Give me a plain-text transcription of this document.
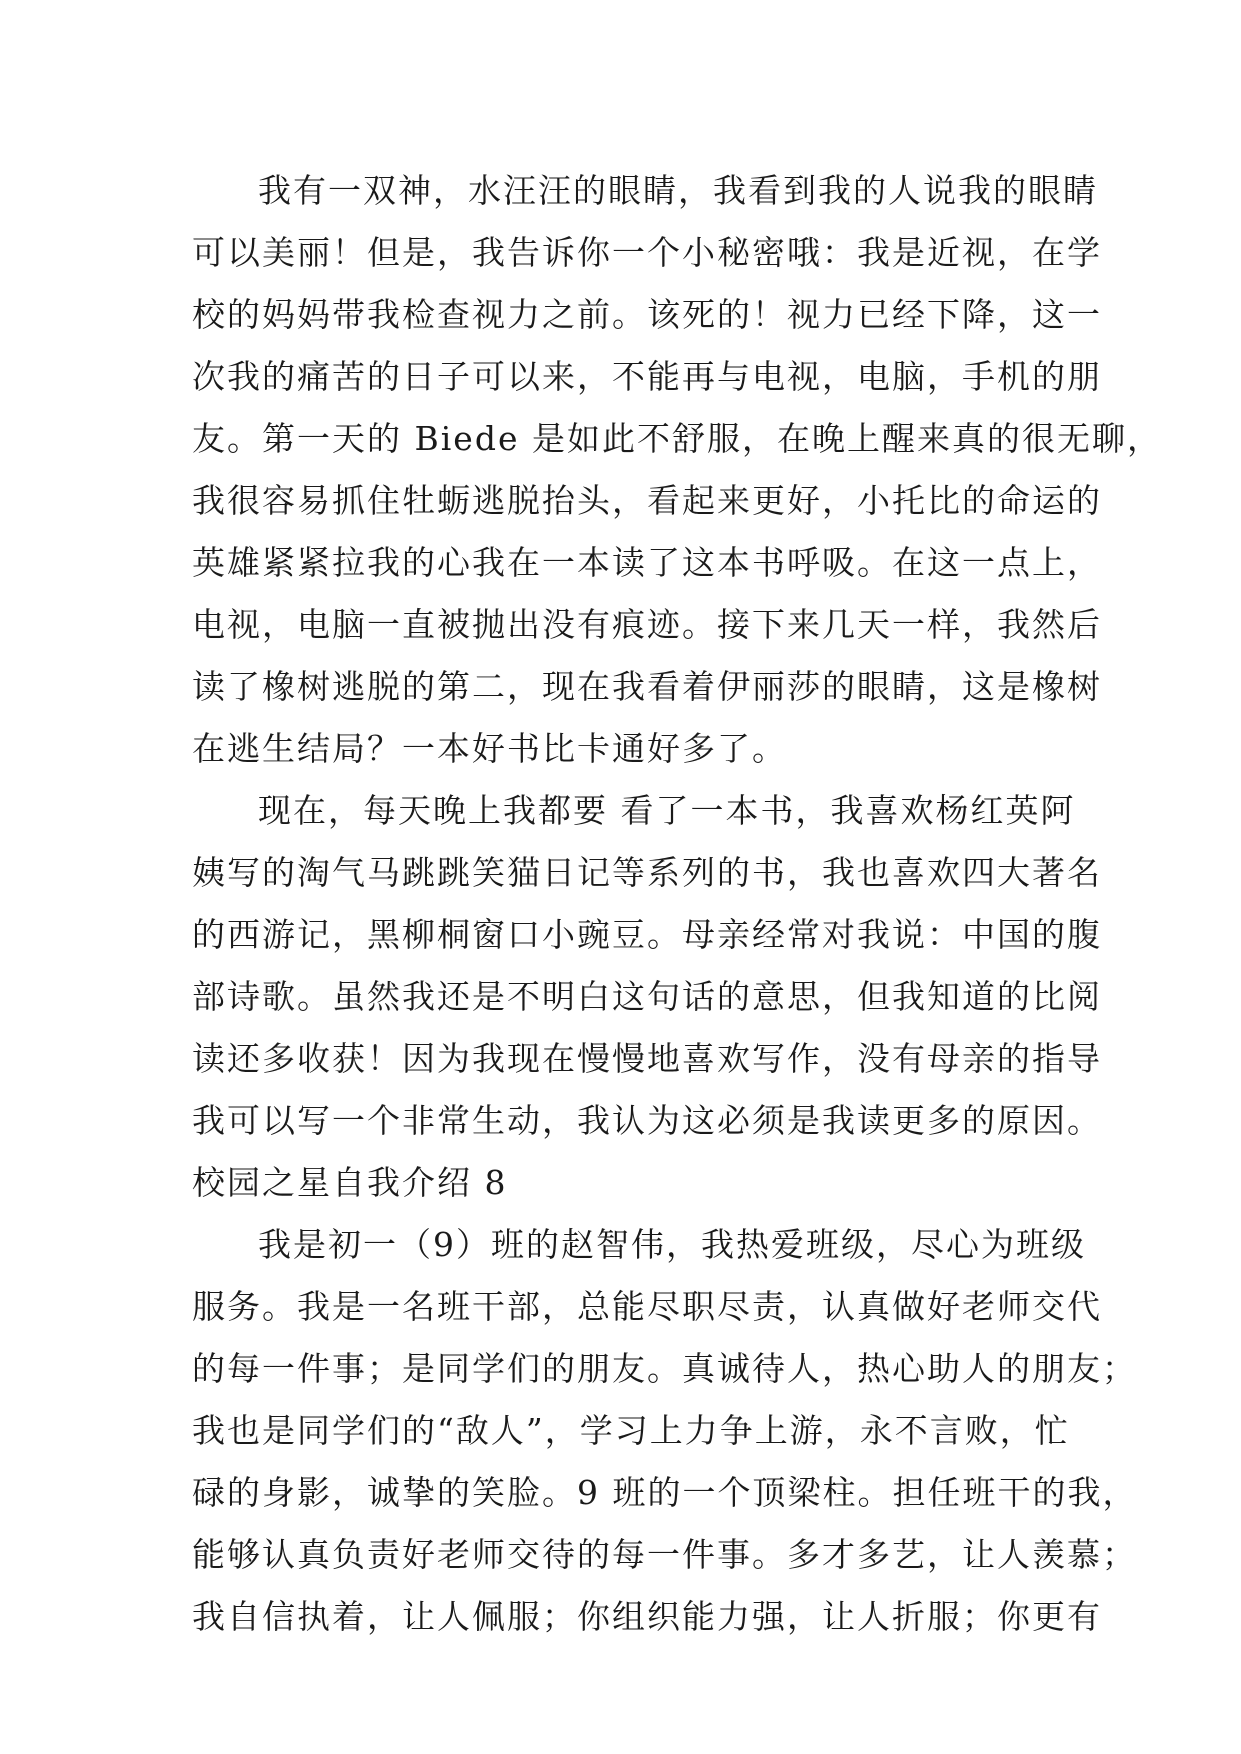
我有一双神，水汪汪的眼睛，我看到我的人说我的眼睛
可以美丽！但是，我告诉你一个小秘密哦：我是近视，在学
校的妈妈带我检查视力之前。该死的！视力已经下降，这一
次我的痛苦的日子可以来，不能再与电视，电脑，手机的朋
友。第一天的 Biede 是如此不舒服，在晚上醒来真的很无聊，
我很容易抓住牡蛎逃脱抬头，看起来更好，小托比的命运的
英雄紧紧拉我的心我在一本读了这本书呼吸。在这一点上，
电视，电脑一直被抛出没有痕迹。接下来几天一样，我然后
读了橡树逃脱的第二，现在我看着伊丽莎的眼睛，这是橡树
在逃生结局？一本好书比卡通好多了。
现在，每天晚上我都要 看了一本书，我喜欢杨红英阿
姨写的淘气马跳跳笑猫日记等系列的书，我也喜欢四大著名
的西游记，黑柳桐窗口小豌豆。母亲经常对我说：中国的腹
部诗歌。虽然我还是不明白这句话的意思，但我知道的比阅
读还多收获！因为我现在慢慢地喜欢写作，没有母亲的指导
我可以写一个非常生动，我认为这必须是我读更多的原因。
校园之星自我介绍 8
我是初一（9）班的赵智伟，我热爱班级，尽心为班级
服务。我是一名班干部，总能尽职尽责，认真做好老师交代
的每一件事；是同学们的朋友。真诚待人，热心助人的朋友；
我也是同学们的“敌人”，学习上力争上游，永不言败，忙
碌的身影，诚挚的笑脸。9 班的一个顶梁柱。担任班干的我，
能够认真负责好老师交待的每一件事。多才多艺，让人羡慕；
我自信执着，让人佩服；你组织能力强，让人折服；你更有
